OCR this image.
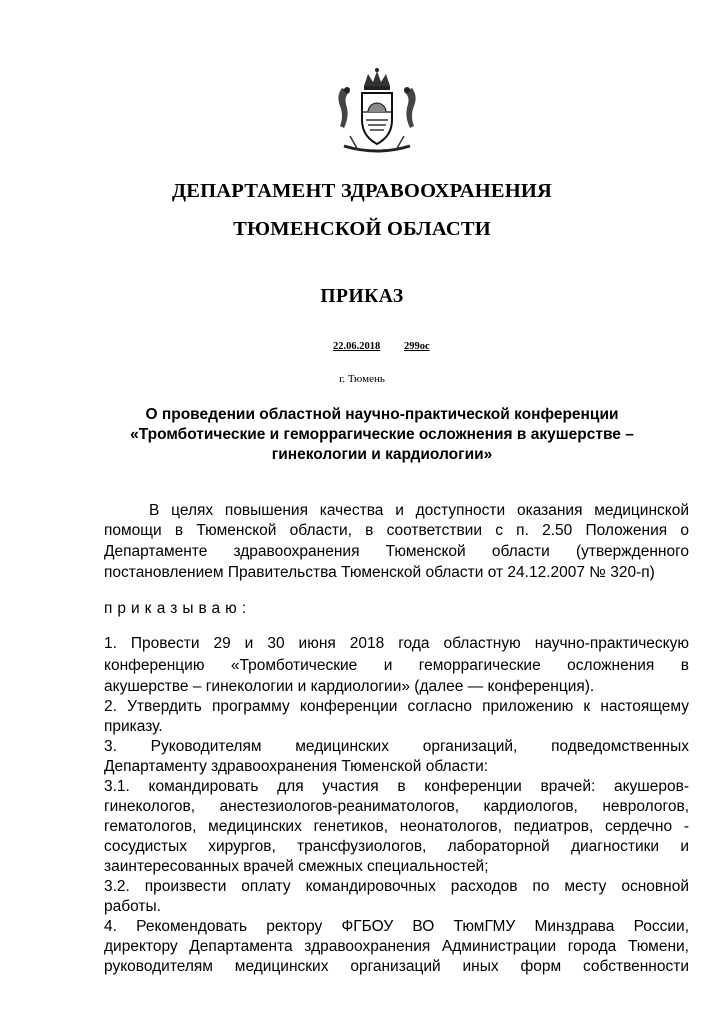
ДЕПАРТАМЕНТ ЗДРАВООХРАНЕНИЯ
ТЮМЕНСКОЙ ОБЛАСТИ
ПРИКАЗ
22.06.2018 299ос
г. Тюмень
О проведении областной научно-практической конференции
«Тромботические и геморрагические осложнения в акушерстве –
гинекологии и кардиологии»
В целях повышения качества и доступности оказания медицинской
помощи в Тюменской области, в соответствии с п. 2.50 Положения о
Департаменте здравоохранения Тюменской области (утвержденного
постановлением Правительства Тюменской области от 24.12.2007 № 320-п)
приказываю:
1. Провести 29 и 30 июня 2018 года областную научно-практическую
конференцию «Тромботические и геморрагические осложнения в
акушерстве – гинекологии и кардиологии» (далее — конференция).
2. Утвердить программу конференции согласно приложению к настоящему
приказу.
3. Руководителям медицинских организаций, подведомственных
Департаменту здравоохранения Тюменской области:
3.1. командировать для участия в конференции врачей: акушеров-
гинекологов, анестезиологов-реаниматологов, кардиологов, неврологов,
гематологов, медицинских генетиков, неонатологов, педиатров, сердечно -
сосудистых хирургов, трансфузиологов, лабораторной диагностики и
заинтересованных врачей смежных специальностей;
3.2. произвести оплату командировочных расходов по месту основной
работы.
4. Рекомендовать ректору ФГБОУ ВО ТюмГМУ Минздрава России,
директору Департамента здравоохранения Администрации города Тюмени,
руководителям медицинских организаций иных форм собственности
